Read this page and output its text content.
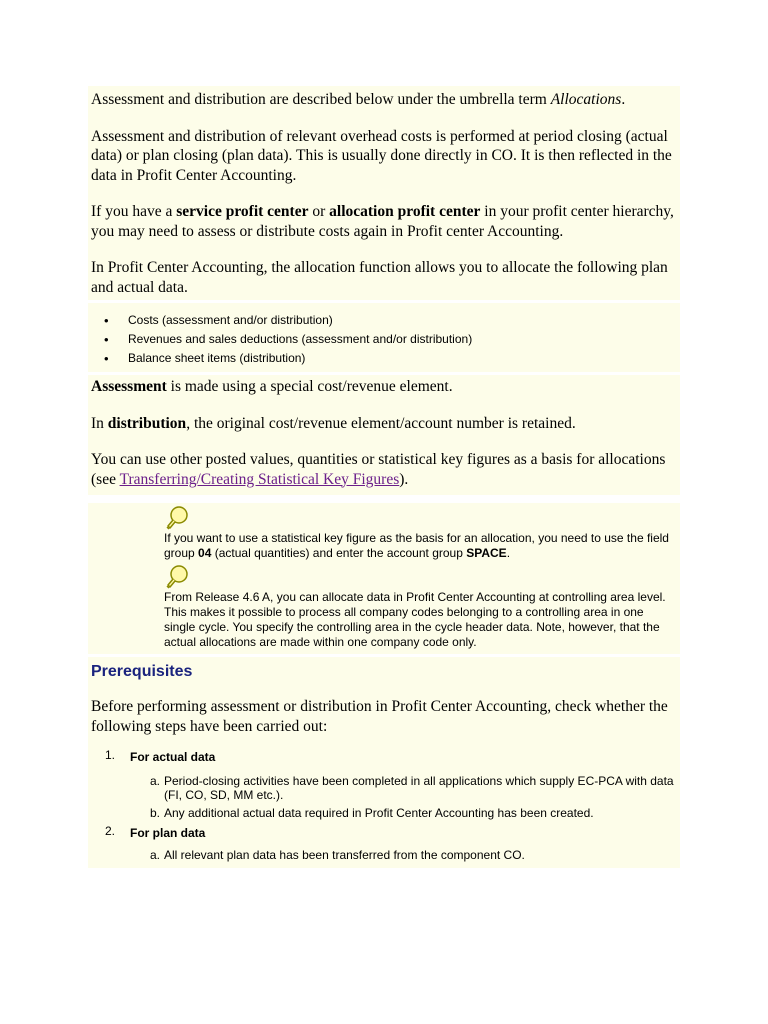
Assessment and distribution are described below under the umbrella term Allocations.

Assessment and distribution of relevant overhead costs is performed at period closing (actual data) or plan closing (plan data). This is usually done directly in CO. It is then reflected in the data in Profit Center Accounting.

If you have a service profit center or allocation profit center in your profit center hierarchy, you may need to assess or distribute costs again in Profit center Accounting.

In Profit Center Accounting, the allocation function allows you to allocate the following plan and actual data.

• Costs (assessment and/or distribution)
• Revenues and sales deductions (assessment and/or distribution)
• Balance sheet items (distribution)

Assessment is made using a special cost/revenue element.

In distribution, the original cost/revenue element/account number is retained.

You can use other posted values, quantities or statistical key figures as a basis for allocations (see Transferring/Creating Statistical Key Figures).

If you want to use a statistical key figure as the basis for an allocation, you need to use the field group 04 (actual quantities) and enter the account group SPACE.
From Release 4.6 A, you can allocate data in Profit Center Accounting at controlling area level. This makes it possible to process all company codes belonging to a controlling area in one single cycle. You specify the controlling area in the cycle header data. Note, however, that the actual allocations are made within one company code only.
Prerequisites

Before performing assessment or distribution in Profit Center Accounting, check whether the following steps have been carried out:

1. For actual data
a. Period-closing activities have been completed in all applications which supply EC-PCA with data (FI, CO, SD, MM etc.).
b. Any additional actual data required in Profit Center Accounting has been created.
2. For plan data
a. All relevant plan data has been transferred from the component CO.
